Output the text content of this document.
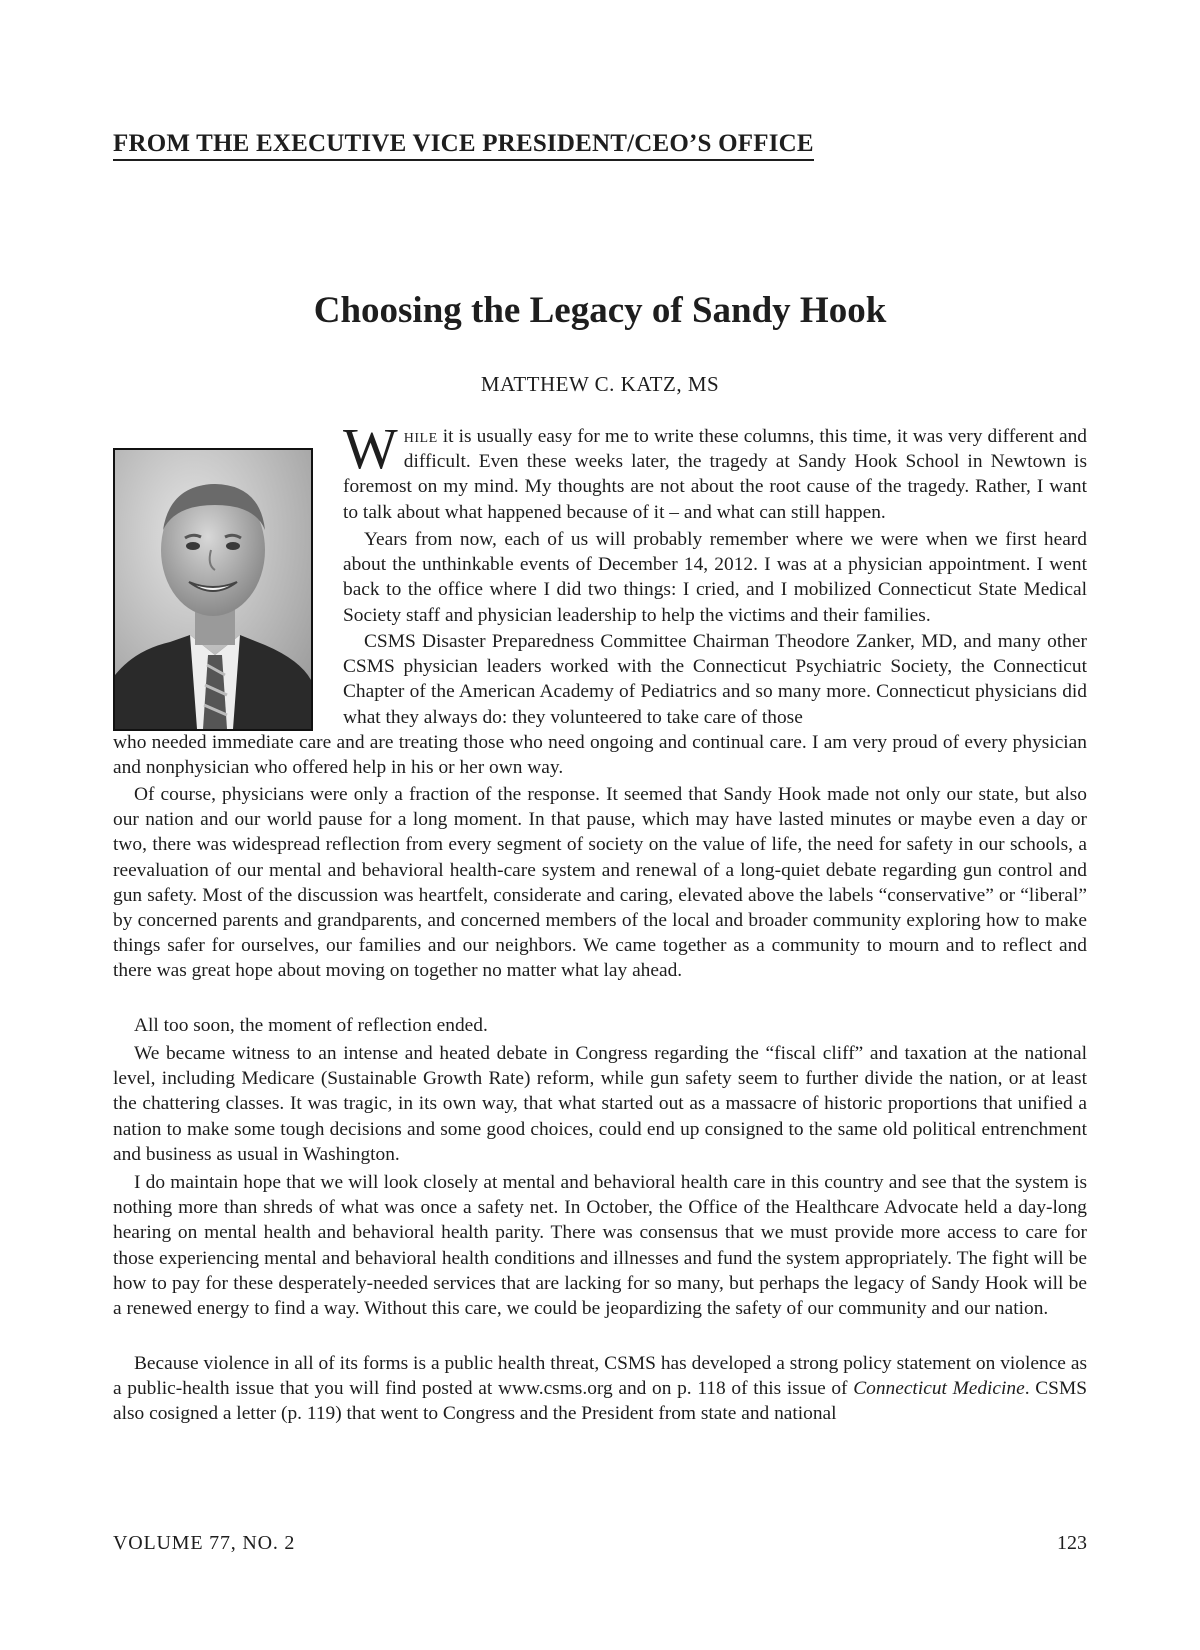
FROM THE EXECUTIVE VICE PRESIDENT/CEO’S OFFICE
Choosing the Legacy of Sandy Hook
MATTHEW C. KATZ, MS

While it is usually easy for me to write these columns, this time, it was very different and difficult. Even these weeks later, the tragedy at Sandy Hook School in Newtown is foremost on my mind. My thoughts are not about the root cause of the tragedy. Rather, I want to talk about what happened because of it – and what can still happen.

Years from now, each of us will probably remember where we were when we first heard about the unthinkable events of December 14, 2012. I was at a physician appointment. I went back to the office where I did two things: I cried, and I mobilized Connecticut State Medical Society staff and physician leadership to help the victims and their families.

CSMS Disaster Preparedness Committee Chairman Theodore Zanker, MD, and many other CSMS physician leaders worked with the Connecticut Psychiatric Society, the Connecticut Chapter of the American Academy of Pediatrics and so many more. Connecticut physicians did what they always do: they volunteered to take care of those

who needed immediate care and are treating those who need ongoing and continual care. I am very proud of every physician and nonphysician who offered help in his or her own way.

Of course, physicians were only a fraction of the response. It seemed that Sandy Hook made not only our state, but also our nation and our world pause for a long moment. In that pause, which may have lasted minutes or maybe even a day or two, there was widespread reflection from every segment of society on the value of life, the need for safety in our schools, a reevaluation of our mental and behavioral health-care system and renewal of a long-quiet debate regarding gun control and gun safety. Most of the discussion was heartfelt, considerate and caring, elevated above the labels “conservative” or “liberal” by concerned parents and grandparents, and concerned members of the local and broader community exploring how to make things safer for ourselves, our families and our neighbors. We came together as a community to mourn and to reflect and there was great hope about moving on together no matter what lay ahead.

All too soon, the moment of reflection ended.

We became witness to an intense and heated debate in Congress regarding the “fiscal cliff” and taxation at the national level, including Medicare (Sustainable Growth Rate) reform, while gun safety seem to further divide the nation, or at least the chattering classes. It was tragic, in its own way, that what started out as a massacre of historic proportions that unified a nation to make some tough decisions and some good choices, could end up consigned to the same old political entrenchment and business as usual in Washington.

I do maintain hope that we will look closely at mental and behavioral health care in this country and see that the system is nothing more than shreds of what was once a safety net. In October, the Office of the Healthcare Advocate held a day-long hearing on mental health and behavioral health parity. There was consensus that we must provide more access to care for those experiencing mental and behavioral health conditions and illnesses and fund the system appropriately. The fight will be how to pay for these desperately-needed services that are lacking for so many, but perhaps the legacy of Sandy Hook will be a renewed energy to find a way. Without this care, we could be jeopardizing the safety of our community and our nation.

Because violence in all of its forms is a public health threat, CSMS has developed a strong policy statement on violence as a public-health issue that you will find posted at www.csms.org and on p. 118 of this issue of Connecticut Medicine. CSMS also cosigned a letter (p. 119) that went to Congress and the President from state and national

VOLUME 77, NO. 2	123
